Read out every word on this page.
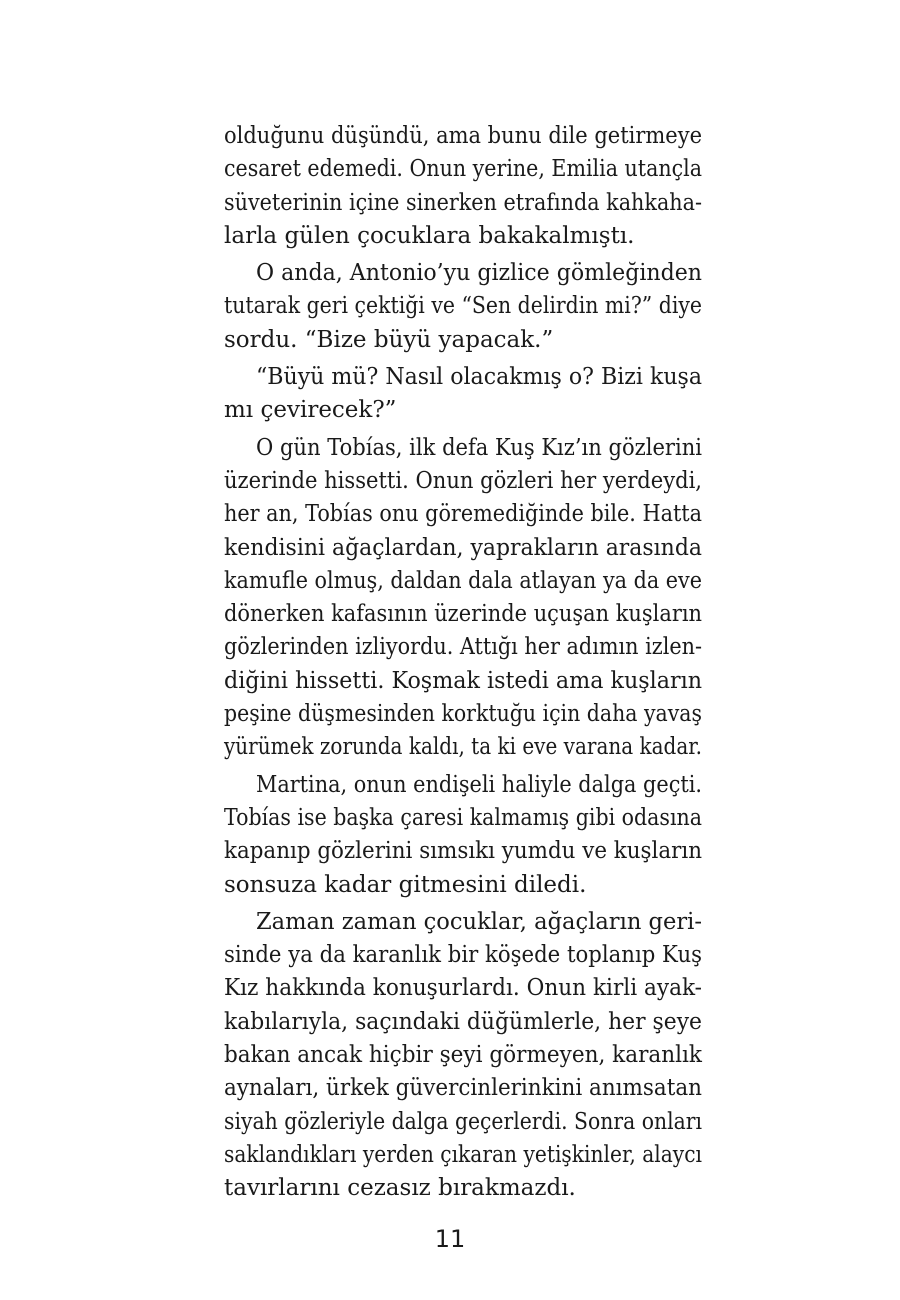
olduğunu düşündü, ama bunu dile getirmeye
cesaret edemedi. Onun yerine, Emilia utançla
süveterinin içine sinerken etrafında kahkaha-
larla gülen çocuklara bakakalmıştı.

O anda, Antonio’yu gizlice gömleğinden
tutarak geri çektiği ve “Sen delirdin mi?” diye
sordu. “Bize büyü yapacak.”

“Büyü mü? Nasıl olacakmış o? Bizi kuşa
mı çevirecek?”

O gün Tobías, ilk defa Kuş Kız’ın gözlerini
üzerinde hissetti. Onun gözleri her yerdeydi,
her an, Tobías onu göremediğinde bile. Hatta
kendisini ağaçlardan, yaprakların arasında
kamufle olmuş, daldan dala atlayan ya da eve
dönerken kafasının üzerinde uçuşan kuşların
gözlerinden izliyordu. Attığı her adımın izlen-
diğini hissetti. Koşmak istedi ama kuşların
peşine düşmesinden korktuğu için daha yavaş
yürümek zorunda kaldı, ta ki eve varana kadar.

Martina, onun endişeli haliyle dalga geçti.
Tobías ise başka çaresi kalmamış gibi odasına
kapanıp gözlerini sımsıkı yumdu ve kuşların
sonsuza kadar gitmesini diledi.

Zaman zaman çocuklar, ağaçların geri-
sinde ya da karanlık bir köşede toplanıp Kuş
Kız hakkında konuşurlardı. Onun kirli ayak-
kabılarıyla, saçındaki düğümlerle, her şeye
bakan ancak hiçbir şeyi görmeyen, karanlık
aynaları, ürkek güvercinlerinkini anımsatan
siyah gözleriyle dalga geçerlerdi. Sonra onları
saklandıkları yerden çıkaran yetişkinler, alaycı
tavırlarını cezasız bırakmazdı.

11
